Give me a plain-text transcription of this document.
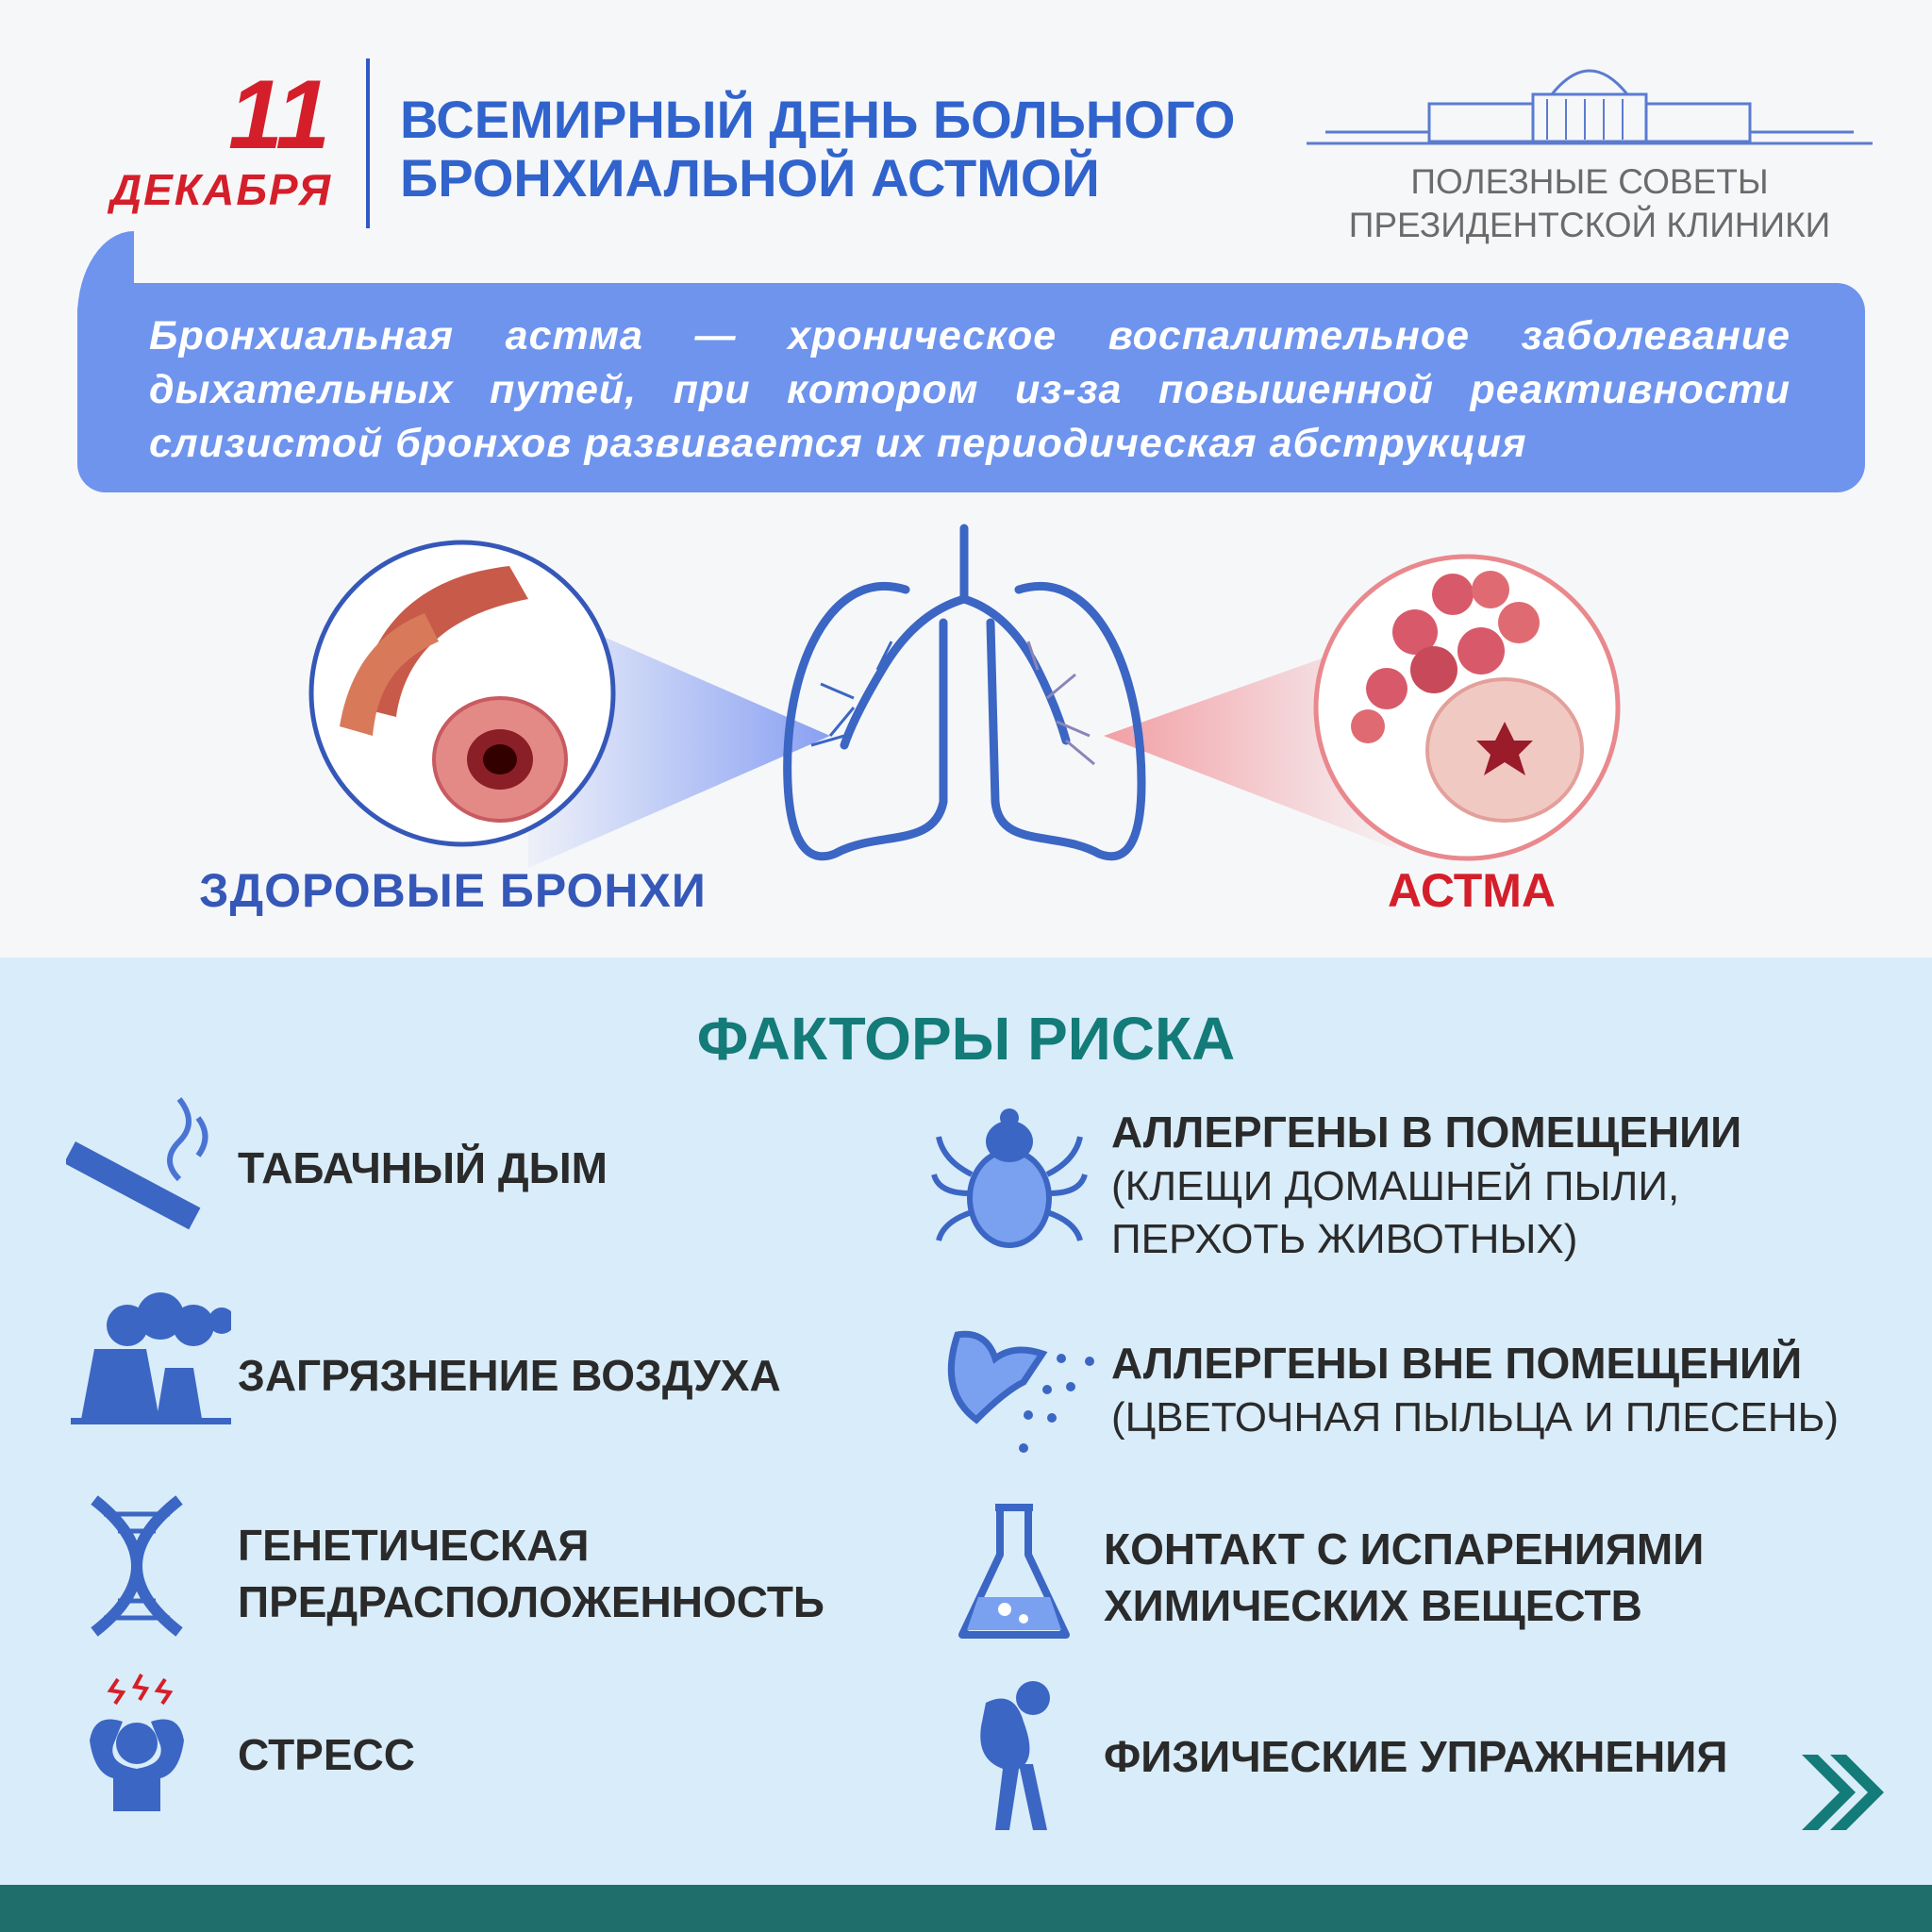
11
ДЕКАБРЯ
ВСЕМИРНЫЙ ДЕНЬ БОЛЬНОГО
БРОНХИАЛЬНОЙ АСТМОЙ	ПОЛЕЗНЫЕ СОВЕТЫ
ПРЕЗИДЕНТСКОЙ КЛИНИКИ
Бронхиальная астма — хроническое воспалительное заболевание дыхательных путей, при котором из-за повышенной реактивности слизистой бронхов развивается их периодическая абструкция
ЗДОРОВЫЕ БРОНХИ	АСТМА
ФАКТОРЫ РИСКА
ТАБАЧНЫЙ ДЫМ
ЗАГРЯЗНЕНИЕ ВОЗДУХА
ГЕНЕТИЧЕСКАЯ
ПРЕДРАСПОЛОЖЕННОСТЬ
СТРЕСС
АЛЛЕРГЕНЫ В ПОМЕЩЕНИИ
(КЛЕЩИ ДОМАШНЕЙ ПЫЛИ,
ПЕРХОТЬ ЖИВОТНЫХ)
АЛЛЕРГЕНЫ ВНЕ ПОМЕЩЕНИЙ
(ЦВЕТОЧНАЯ ПЫЛЬЦА И ПЛЕСЕНЬ)
КОНТАКТ С ИСПАРЕНИЯМИ
ХИМИЧЕСКИХ ВЕЩЕСТВ
ФИЗИЧЕСКИЕ УПРАЖНЕНИЯ
